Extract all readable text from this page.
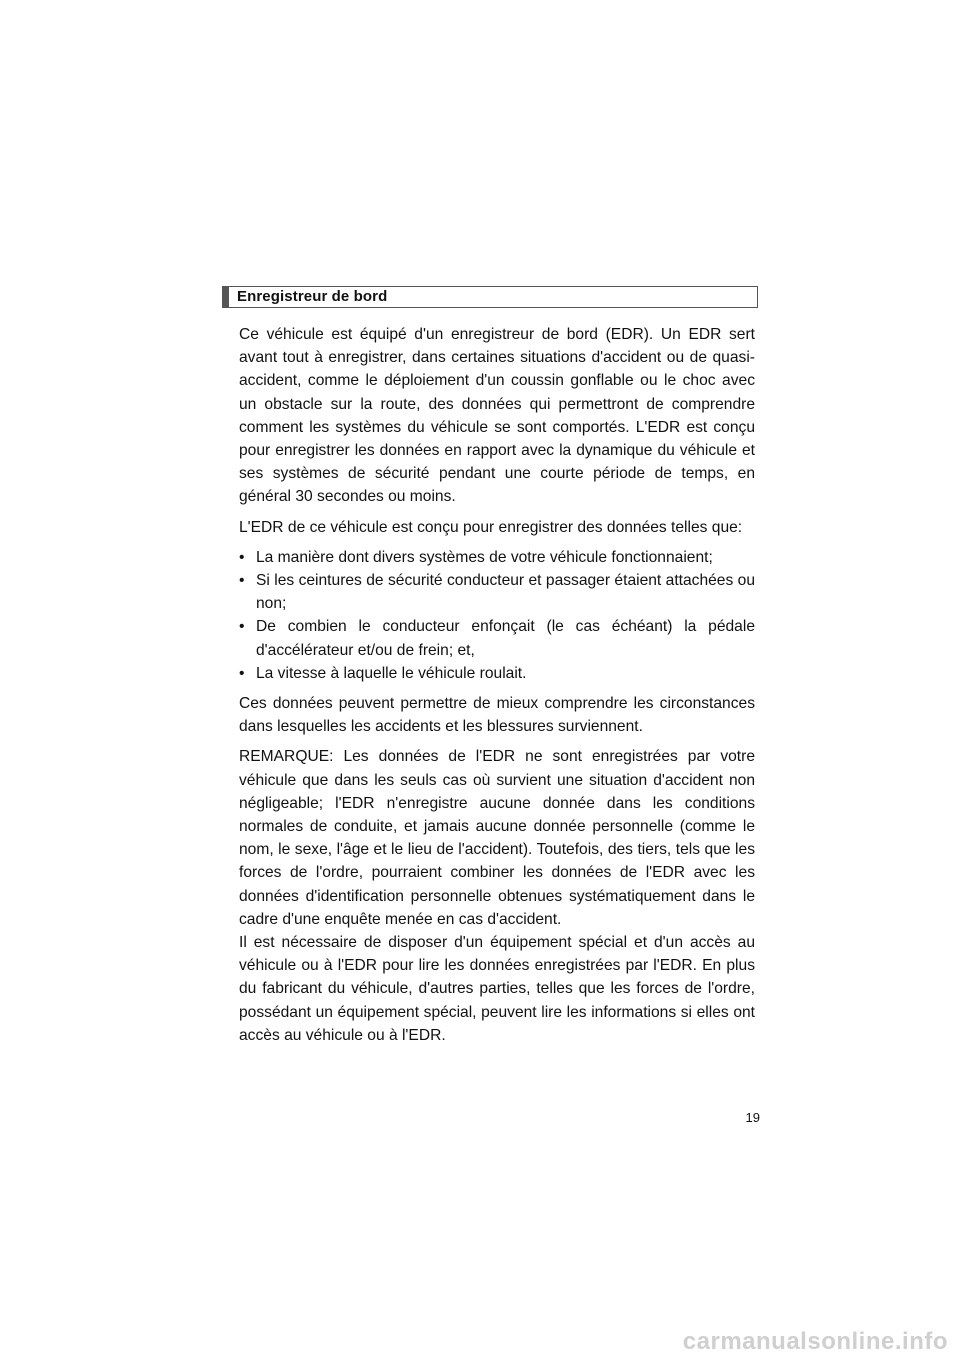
Enregistreur de bord

Ce véhicule est équipé d'un enregistreur de bord (EDR). Un EDR sert avant tout à enregistrer, dans certaines situations d'accident ou de quasi-accident, comme le déploiement d'un coussin gonflable ou le choc avec un obstacle sur la route, des données qui permettront de comprendre comment les systèmes du véhicule se sont comportés. L'EDR est conçu pour enregistrer les données en rapport avec la dynamique du véhicule et ses systèmes de sécurité pendant une courte période de temps, en général 30 secondes ou moins.

L'EDR de ce véhicule est conçu pour enregistrer des données telles que:

• La manière dont divers systèmes de votre véhicule fonctionnaient;
• Si les ceintures de sécurité conducteur et passager étaient attachées ou non;
• De combien le conducteur enfonçait (le cas échéant) la pédale d'accélérateur et/ou de frein; et,
• La vitesse à laquelle le véhicule roulait.

Ces données peuvent permettre de mieux comprendre les circonstances dans lesquelles les accidents et les blessures surviennent.

REMARQUE: Les données de l'EDR ne sont enregistrées par votre véhicule que dans les seuls cas où survient une situation d'accident non négligeable; l'EDR n'enregistre aucune donnée dans les conditions normales de conduite, et jamais aucune donnée personnelle (comme le nom, le sexe, l'âge et le lieu de l'accident). Toutefois, des tiers, tels que les forces de l'ordre, pourraient combiner les données de l'EDR avec les données d'identification personnelle obtenues systématiquement dans le cadre d'une enquête menée en cas d'accident.

Il est nécessaire de disposer d'un équipement spécial et d'un accès au véhicule ou à l'EDR pour lire les données enregistrées par l'EDR. En plus du fabricant du véhicule, d'autres parties, telles que les forces de l'ordre, possédant un équipement spécial, peuvent lire les informations si elles ont accès au véhicule ou à l'EDR.

19
carmanualsonline.info
